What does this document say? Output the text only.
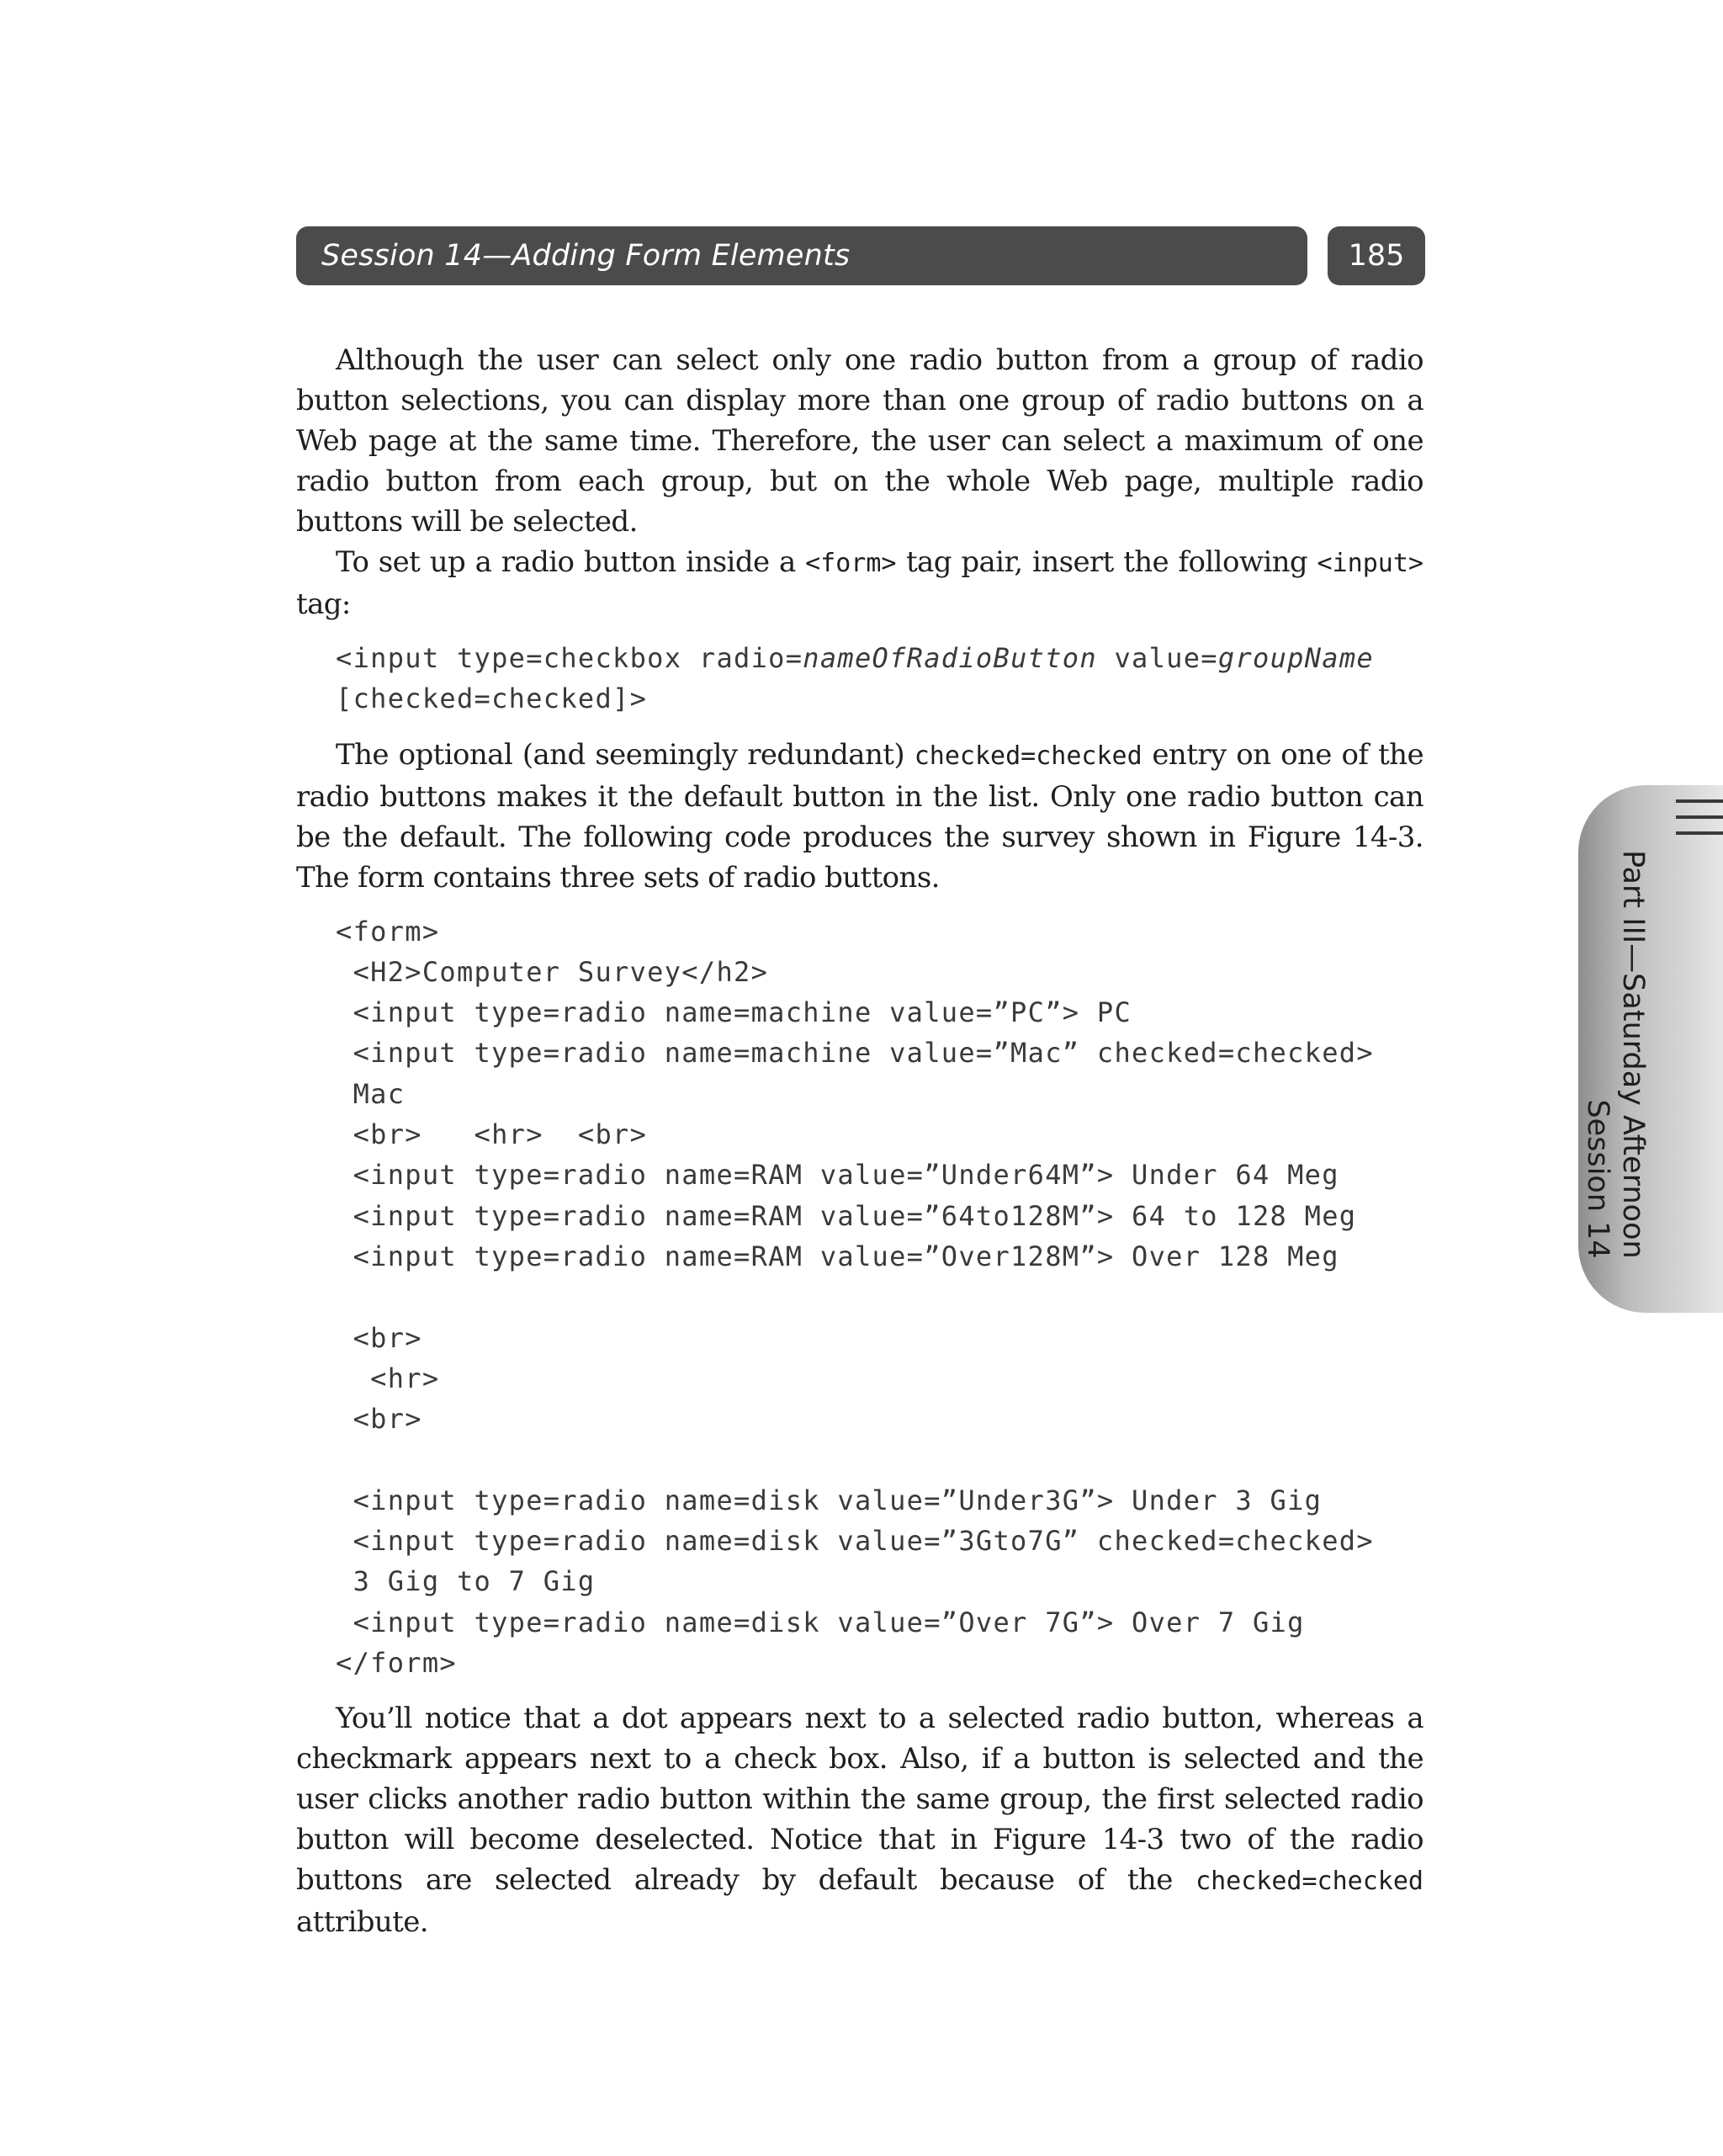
Session 14—Adding Form Elements	185
Part III—Saturday Afternoon
Session 14

Although the user can select only one radio button from a group of radio button selections, you can display more than one group of radio buttons on a Web page at the same time. Therefore, the user can select a maximum of one radio button from each group, but on the whole Web page, multiple radio buttons will be selected.

To set up a radio button inside a <form> tag pair, insert the following <input> tag:

<input type=checkbox radio=nameOfRadioButton value=groupName
[checked=checked]>

The optional (and seemingly redundant) checked=checked entry on one of the radio buttons makes it the default button in the list. Only one radio button can be the default. The following code produces the survey shown in Figure 14-3. The form contains three sets of radio buttons.

<form>
<H2>Computer Survey</h2>
<input type=radio name=machine value=”PC”> PC
<input type=radio name=machine value=”Mac” checked=checked>
Mac
<br>   <hr>  <br>
<input type=radio name=RAM value=”Under64M”> Under 64 Meg
<input type=radio name=RAM value=”64to128M”> 64 to 128 Meg
<input type=radio name=RAM value=”Over128M”> Over 128 Meg

<br>
<hr>
<br>

<input type=radio name=disk value=”Under3G”> Under 3 Gig
<input type=radio name=disk value=”3Gto7G” checked=checked>
3 Gig to 7 Gig
<input type=radio name=disk value=”Over 7G”> Over 7 Gig
</form>

You’ll notice that a dot appears next to a selected radio button, whereas a checkmark appears next to a check box. Also, if a button is selected and the user clicks another radio button within the same group, the first selected radio button will become deselected. Notice that in Figure 14-3 two of the radio buttons are selected already by default because of the checked=checked attribute.
